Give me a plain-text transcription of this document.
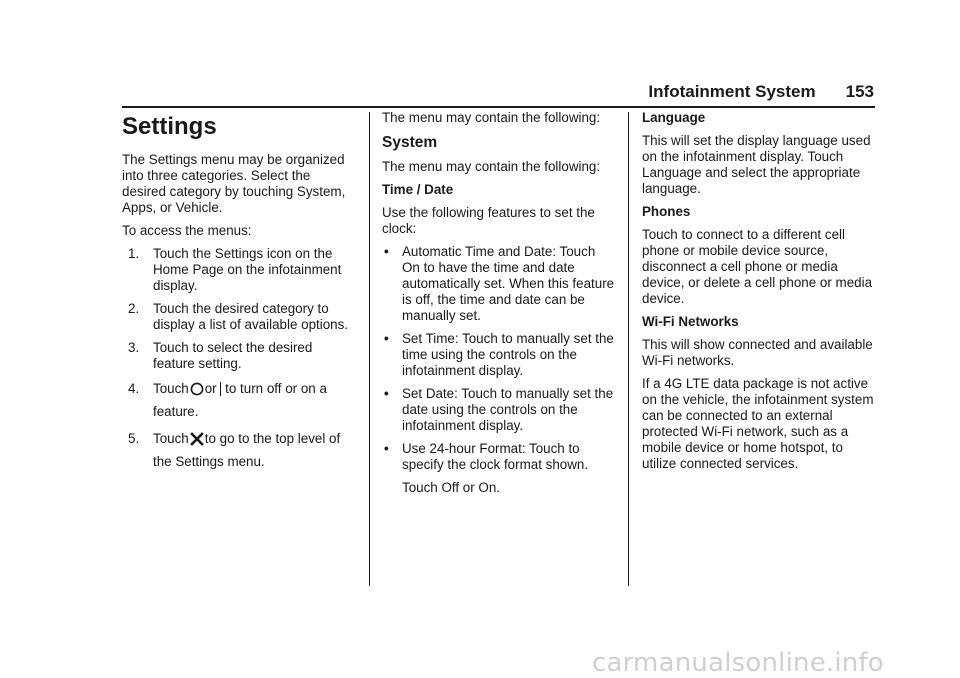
Infotainment System 153
Settings

The Settings menu may be organized into three categories. Select the desired category by touching System, Apps, or Vehicle.

To access the menus:

1. Touch the Settings icon on the Home Page on the infotainment display.
2. Touch the desired category to display a list of available options.
3. Touch to select the desired feature setting.
4. Touch or to turn off or on a feature.
5. Touch to go to the top level of the Settings menu.

The menu may contain the following:

System

The menu may contain the following:

Time / Date

Use the following features to set the clock:

• Automatic Time and Date: Touch On to have the time and date automatically set. When this feature is off, the time and date can be manually set.
• Set Time: Touch to manually set the time using the controls on the infotainment display.
• Set Date: Touch to manually set the date using the controls on the infotainment display.
• Use 24-hour Format: Touch to specify the clock format shown.

Touch Off or On.

Language

This will set the display language used on the infotainment display. Touch Language and select the appropriate language.

Phones

Touch to connect to a different cell phone or mobile device source, disconnect a cell phone or media device, or delete a cell phone or media device.

Wi-Fi Networks

This will show connected and available Wi-Fi networks.

If a 4G LTE data package is not active on the vehicle, the infotainment system can be connected to an external protected Wi-Fi network, such as a mobile device or home hotspot, to utilize connected services.

carmanualsonline.info
